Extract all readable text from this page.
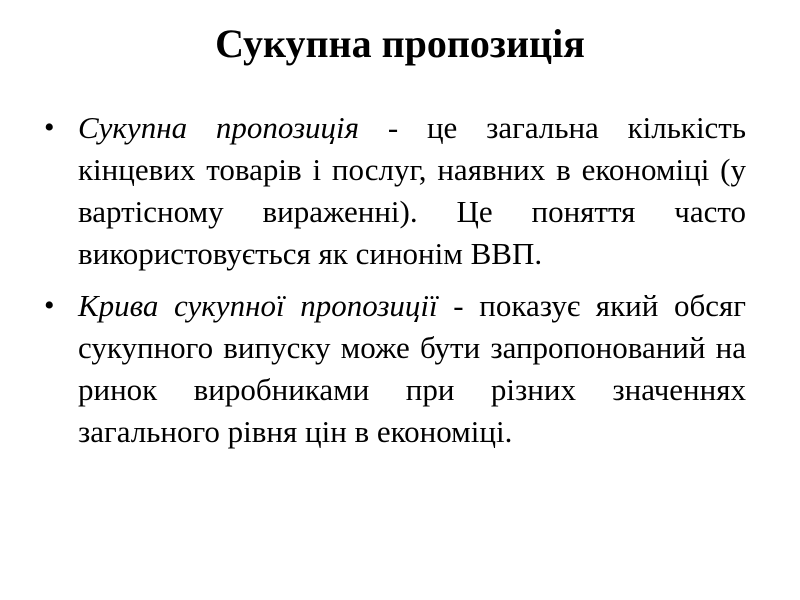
Сукупна пропозиція
• Сукупна пропозиція - це загальна кількість кінцевих товарів і послуг, наявних в економіці (у вартісному вираженні). Це поняття часто використовується як синонім ВВП.
• Крива сукупної пропозиції - показує який обсяг сукупного випуску може бути запропонований на ринок виробниками при різних значеннях загального рівня цін в економіці.
